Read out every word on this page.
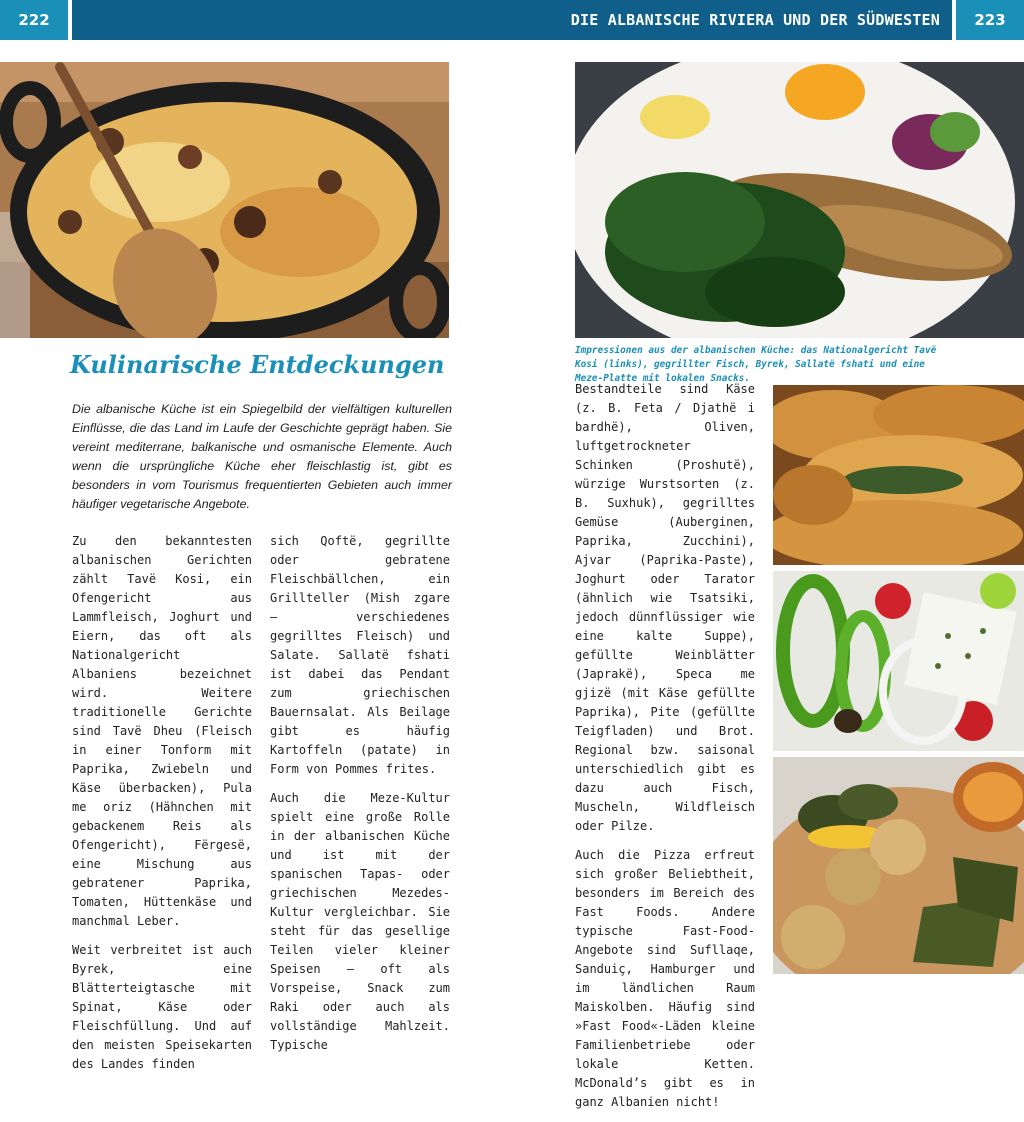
222	DIE ALBANISCHE RIVIERA UND DER SÜDWESTEN	223
Impressionen aus der albanischen Küche: das Nationalgericht Tavë Kosi (links), gegrillter Fisch, Byrek, Sallatë fshati und eine Meze-Platte mit lokalen Snacks.
Kulinarische Entdeckungen
Die albanische Küche ist ein Spiegelbild der vielfältigen kulturellen Einflüsse, die das Land im Laufe der Geschichte geprägt haben. Sie vereint mediterrane, balkanische und osmanische Elemente. Auch wenn die ursprüngliche Küche eher fleischlastig ist, gibt es besonders in vom Tourismus frequentierten Gebieten auch immer häufiger vegetarische Angebote.

Zu den bekanntesten albanischen Gerichten zählt Tavë Kosi, ein Ofengericht aus Lammfleisch, Joghurt und Eiern, das oft als Nationalgericht Albaniens bezeichnet wird. Weitere traditionelle Gerichte sind Tavë Dheu (Fleisch in einer Tonform mit Paprika, Zwiebeln und Käse überbacken), Pula me oriz (Hähnchen mit gebackenem Reis als Ofengericht), Fërgesë, eine Mischung aus gebratener Paprika, Tomaten, Hüttenkäse und manchmal Leber.

Weit verbreitet ist auch Byrek, eine Blätterteigtasche mit Spinat, Käse oder Fleischfüllung. Und auf den meisten Speisekarten des Landes finden

sich Qoftë, gegrillte oder gebratene Fleischbällchen, ein Grillteller (Mish zgare – verschiedenes gegrilltes Fleisch) und Salate. Sallatë fshati ist dabei das Pendant zum griechischen Bauernsalat. Als Beilage gibt es häufig Kartoffeln (patate) in Form von Pommes frites.

Auch die Meze-Kultur spielt eine große Rolle in der albanischen Küche und ist mit der spanischen Tapas- oder griechischen Mezedes-Kultur vergleichbar. Sie steht für das gesellige Teilen vieler kleiner Speisen – oft als Vorspeise, Snack zum Raki oder auch als vollständige Mahlzeit. Typische

Bestandteile sind Käse (z. B. Feta / Djathë i bardhë), Oliven, luftgetrockneter Schinken (Proshutë), würzige Wurstsorten (z. B. Suxhuk), gegrilltes Gemüse (Auberginen, Paprika, Zucchini), Ajvar (Paprika-Paste), Joghurt oder Tarator (ähnlich wie Tsatsiki, jedoch dünnflüssiger wie eine kalte Suppe), gefüllte Weinblätter (Japrakë), Speca me gjizë (mit Käse gefüllte Paprika), Pite (gefüllte Teigfladen) und Brot. Regional bzw. saisonal unterschiedlich gibt es dazu auch Fisch, Muscheln, Wildfleisch oder Pilze.

Auch die Pizza erfreut sich großer Beliebtheit, besonders im Bereich des Fast Foods. Andere typische Fast-Food-Angebote sind Sufllaqe, Sanduiç, Hamburger und im ländlichen Raum Maiskolben. Häufig sind »Fast Food«-Läden kleine Familienbetriebe oder lokale Ketten. McDonald’s gibt es in ganz Albanien nicht!
